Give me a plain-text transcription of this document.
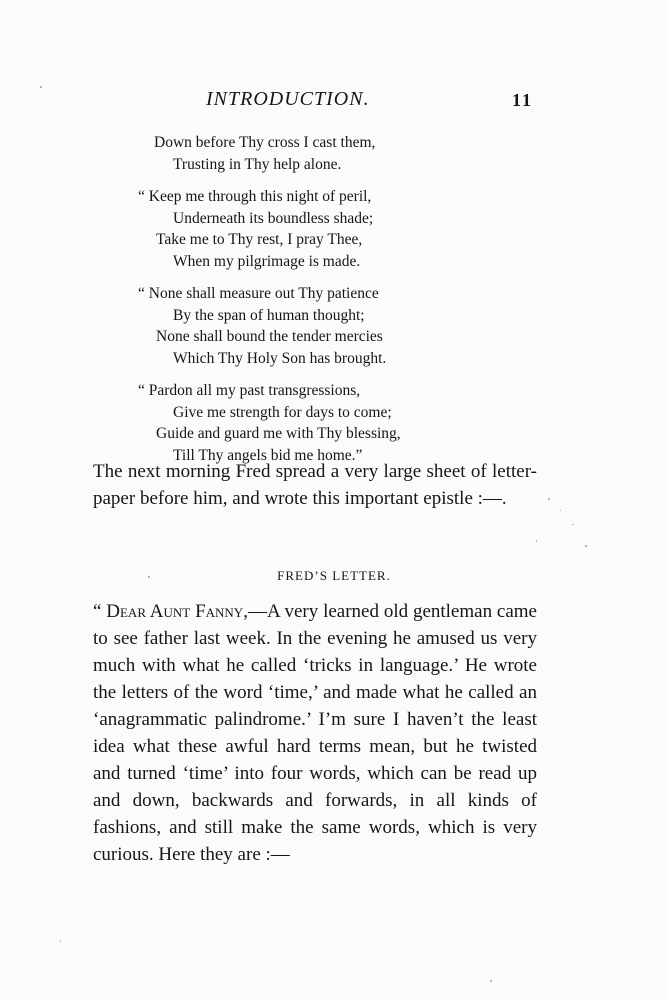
INTRODUCTION.	11
Down before Thy cross I cast them,
Trusting in Thy help alone.
“ Keep me through this night of peril,
Underneath its boundless shade;
Take me to Thy rest, I pray Thee,
When my pilgrimage is made.
“ None shall measure out Thy patience
By the span of human thought;
None shall bound the tender mercies
Which Thy Holy Son has brought.
“ Pardon all my past transgressions,
Give me strength for days to come;
Guide and guard me with Thy blessing,
Till Thy angels bid me home.”

The next morning Fred spread a very large sheet of letter-paper before him, and wrote this important epistle :—.

FRED’S LETTER.

“ Dear Aunt Fanny,—A very learned old gentleman came to see father last week. In the evening he amused us very much with what he called ‘tricks in language.’ He wrote the letters of the word ‘time,’ and made what he called an ‘anagrammatic palindrome.’ I’m sure I haven’t the least idea what these awful hard terms mean, but he twisted and turned ‘time’ into four words, which can be read up and down, backwards and forwards, in all kinds of fashions, and still make the same words, which is very curious. Here they are :—
